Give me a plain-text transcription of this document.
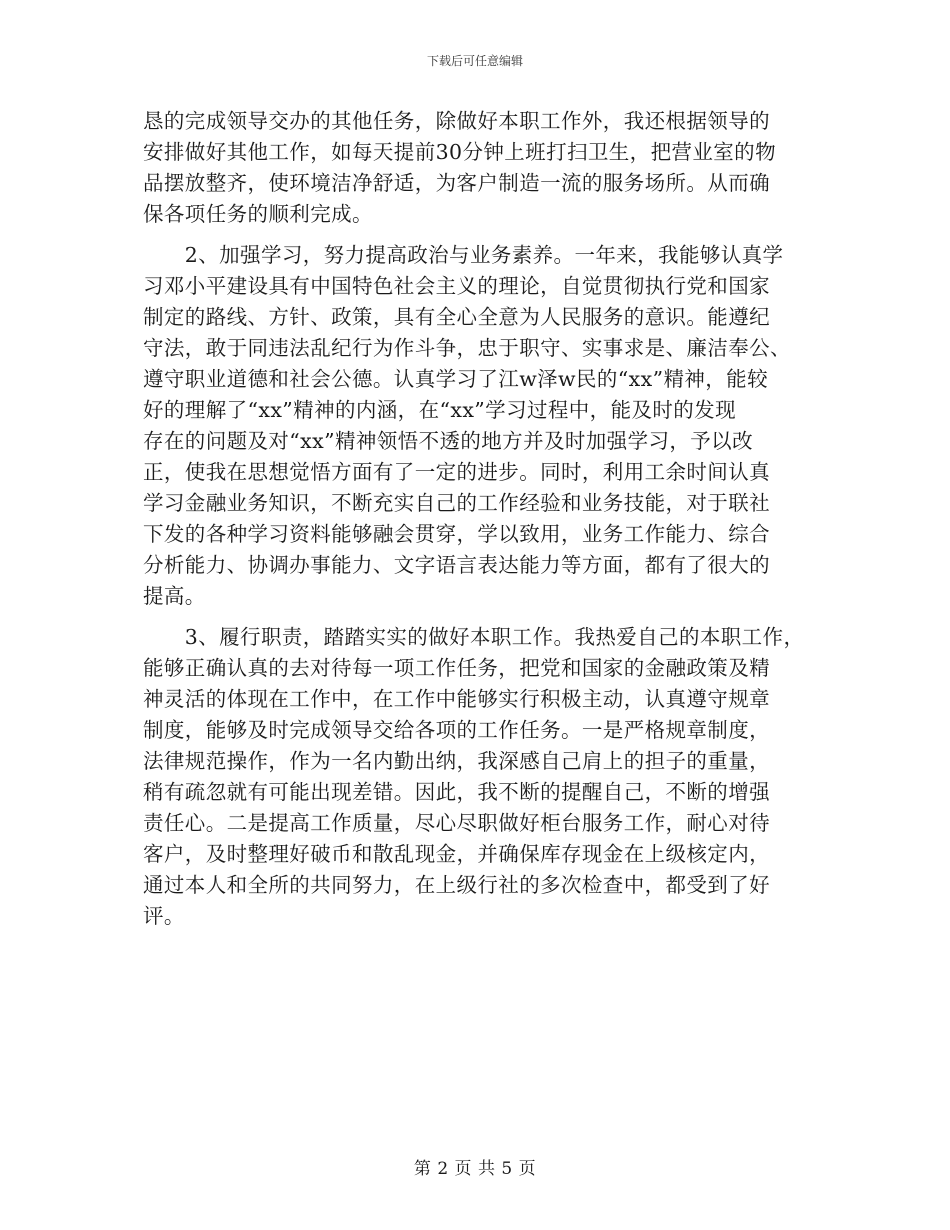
下载后可任意编辑
恳的完成领导交办的其他任务，除做好本职工作外，我还根据领导的
安排做好其他工作，如每天提前30分钟上班打扫卫生，把营业室的物
品摆放整齐，使环境洁净舒适，为客户制造一流的服务场所。从而确
保各项任务的顺利完成。
　　2、加强学习，努力提高政治与业务素养。一年来，我能够认真学
习邓小平建设具有中国特色社会主义的理论，自觉贯彻执行党和国家
制定的路线、方针、政策，具有全心全意为人民服务的意识。能遵纪
守法，敢于同违法乱纪行为作斗争，忠于职守、实事求是、廉洁奉公、
遵守职业道德和社会公德。认真学习了江w泽w民的“xx”精神，能较
好的理解了“xx”精神的内涵，在“xx”学习过程中，能及时的发现
存在的问题及对“xx”精神领悟不透的地方并及时加强学习，予以改
正，使我在思想觉悟方面有了一定的进步。同时，利用工余时间认真
学习金融业务知识，不断充实自己的工作经验和业务技能，对于联社
下发的各种学习资料能够融会贯穿，学以致用，业务工作能力、综合
分析能力、协调办事能力、文字语言表达能力等方面，都有了很大的
提高。
　　3、履行职责，踏踏实实的做好本职工作。我热爱自己的本职工作，
能够正确认真的去对待每一项工作任务，把党和国家的金融政策及精
神灵活的体现在工作中，在工作中能够实行积极主动，认真遵守规章
制度，能够及时完成领导交给各项的工作任务。一是严格规章制度，
法律规范操作，作为一名内勤出纳，我深感自己肩上的担子的重量，
稍有疏忽就有可能出现差错。因此，我不断的提醒自己，不断的增强
责任心。二是提高工作质量，尽心尽职做好柜台服务工作，耐心对待
客户，及时整理好破币和散乱现金，并确保库存现金在上级核定内，
通过本人和全所的共同努力，在上级行社的多次检查中，都受到了好
评。
第 2 页 共 5 页
